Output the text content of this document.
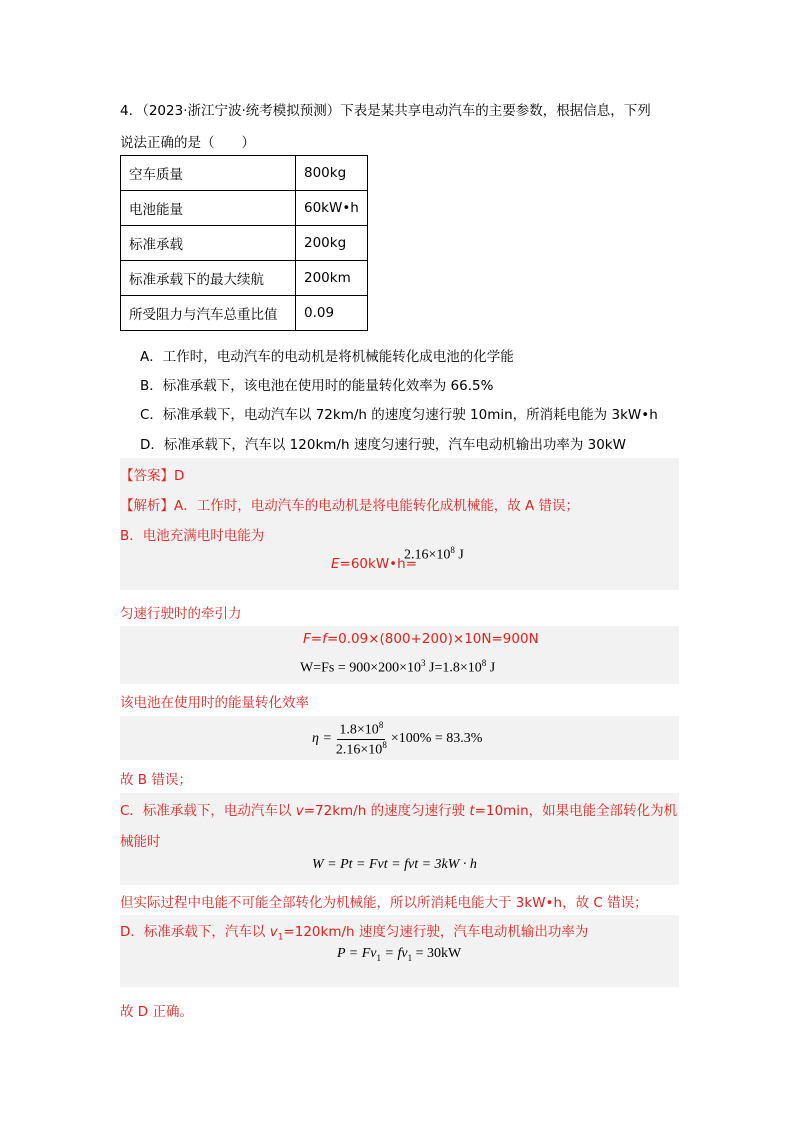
4．（2023·浙江宁波·统考模拟预测）下表是某共享电动汽车的主要参数，根据信息，下列
说法正确的是（　　）
空车质量	800kg
电池能量	60kW•h
标准承载	200kg
标准承载下的最大续航	200km
所受阻力与汽车总重比值	0.09
A．工作时，电动汽车的电动机是将机械能转化成电池的化学能
B．标准承载下，该电池在使用时的能量转化效率为 66.5%
C．标准承载下，电动汽车以 72km/h 的速度匀速行驶 10min，所消耗电能为 3kW•h
D．标准承载下，汽车以 120km/h 速度匀速行驶，汽车电动机输出功率为 30kW
【答案】D
【解析】A．工作时，电动汽车的电动机是将电能转化成机械能，故 A 错误；
B．电池充满电时电能为
E=60kW•h=
$2.16\times 10^8$ J
匀速行驶时的牵引力
F=f=0.09×(800+200)×10N=900N
$W=Fs = 900\times 200\times 10^3$ $J=1.8\times 10^8$ J
该电池在使用时的能量转化效率
$\eta = \frac{1.8\times 10^8}{2.16\times 10^8} \times 100\% = 83.3\%$
故 B 错误；
C．标准承载下，电动汽车以 v=72km/h 的速度匀速行驶 t=10min，如果电能全部转化为机
械能时
W = Pt = Fvt = fvt = 3kW · h
但实际过程中电能不可能全部转化为机械能，所以所消耗电能大于 3kW•h，故 C 错误；
D．标准承载下，汽车以 $v_1=120km/h$ 速度匀速行驶，汽车电动机输出功率为
$P = Fv_1 = fv_1 = 30kW$
故 D 正确。
